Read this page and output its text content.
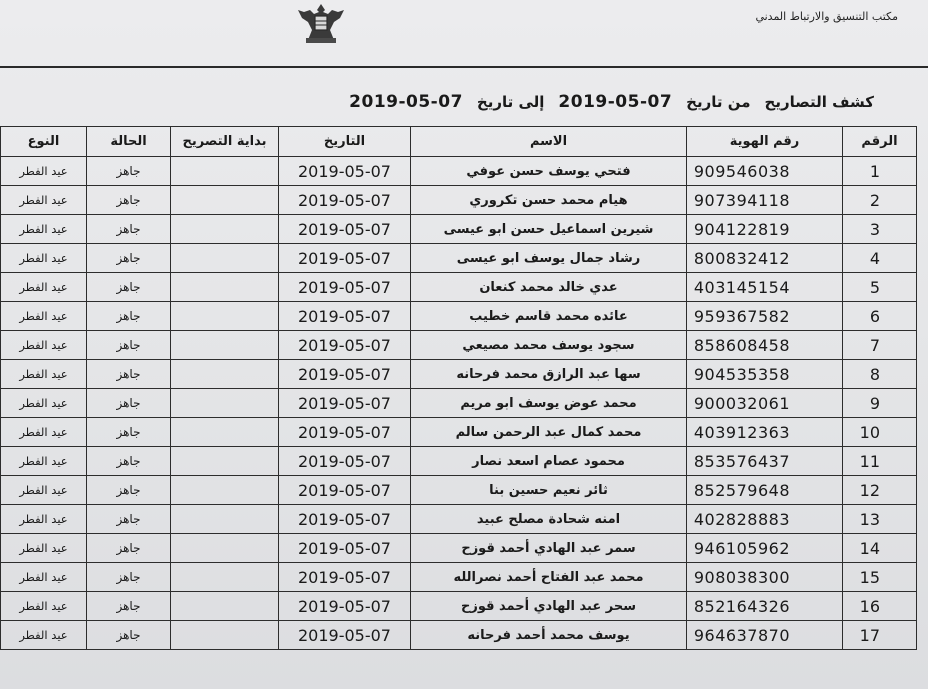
مكتب التنسيق والارتباط المدني
كشف التصاريح
من تاريخ
2019-05-07
إلى تاريخ
2019-05-07
الرقم	رقم الهوية	الاسم	التاريخ	بداية التصريح	الحالة	النوع
1	909546038	فتحي يوسف حسن عوفي	2019-05-07		جاهز	عيد الفطر
2	907394118	هيام محمد حسن تكروري	2019-05-07		جاهز	عيد الفطر
3	904122819	شيرين اسماعيل حسن ابو عيسى	2019-05-07		جاهز	عيد الفطر
4	800832412	رشاد جمال يوسف ابو عيسى	2019-05-07		جاهز	عيد الفطر
5	403145154	عدي خالد محمد كنعان	2019-05-07		جاهز	عيد الفطر
6	959367582	عائده محمد قاسم خطيب	2019-05-07		جاهز	عيد الفطر
7	858608458	سجود يوسف محمد مصيعي	2019-05-07		جاهز	عيد الفطر
8	904535358	سها عبد الرازق محمد فرحانه	2019-05-07		جاهز	عيد الفطر
9	900032061	محمد عوض يوسف ابو مريم	2019-05-07		جاهز	عيد الفطر
10	403912363	محمد كمال عبد الرحمن سالم	2019-05-07		جاهز	عيد الفطر
11	853576437	محمود عصام اسعد نصار	2019-05-07		جاهز	عيد الفطر
12	852579648	ثائر نعيم حسين بنا	2019-05-07		جاهز	عيد الفطر
13	402828883	امنه شحادة مصلح عبيد	2019-05-07		جاهز	عيد الفطر
14	946105962	سمر عبد الهادي أحمد قوزح	2019-05-07		جاهز	عيد الفطر
15	908038300	محمد عبد الفتاح أحمد نصرالله	2019-05-07		جاهز	عيد الفطر
16	852164326	سحر عبد الهادي أحمد قوزح	2019-05-07		جاهز	عيد الفطر
17	964637870	يوسف محمد أحمد فرحانه	2019-05-07		جاهز	عيد الفطر
